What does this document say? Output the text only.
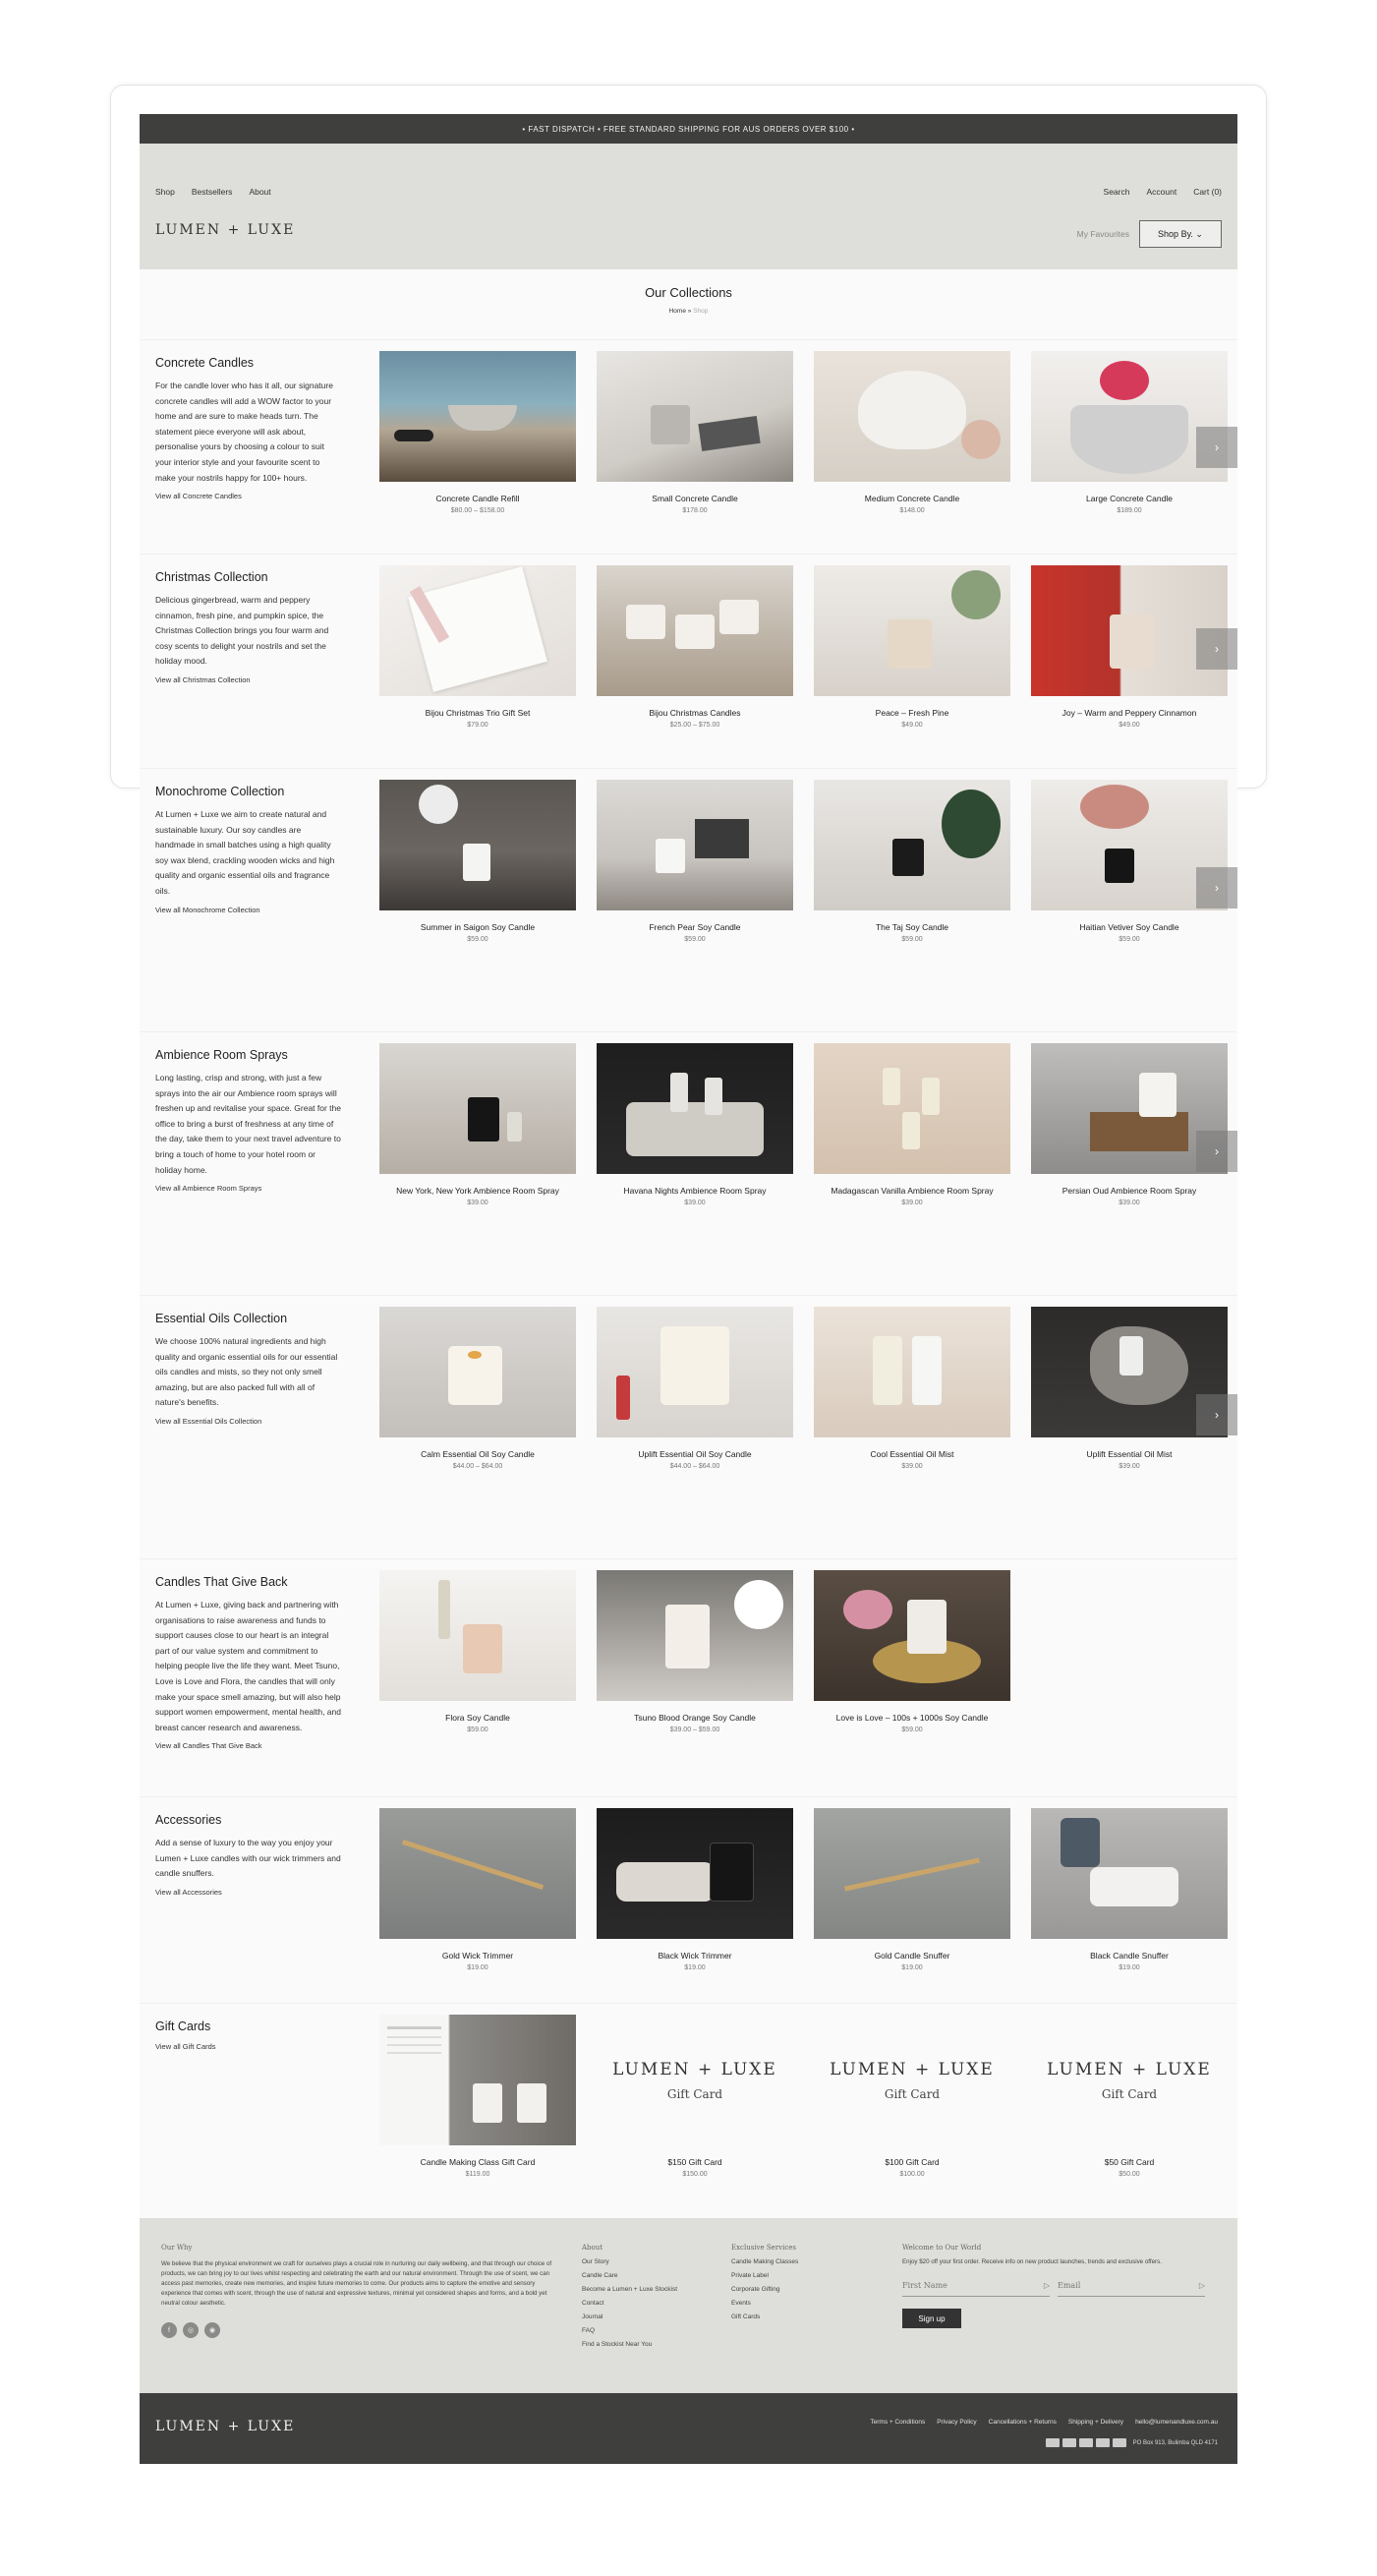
• FAST DISPATCH • FREE STANDARD SHIPPING FOR AUS ORDERS OVER $100 •
Shop Bestsellers About	Search Account Cart (0)
LUMEN + LUXE	My Favourites	Shop By. ⌄
Our Collections
Home » Shop
Concrete Candles
For the candle lover who has it all, our signature concrete candles will add a WOW factor to your home and are sure to make heads turn. The statement piece everyone will ask about, personalise yours by choosing a colour to suit your interior style and your favourite scent to make your nostrils happy for 100+ hours.
View all Concrete Candles	Concrete Candle Refill
$80.00 – $158.00
Small Concrete Candle
$178.00
Medium Concrete Candle
$148.00
Large Concrete Candle
$189.00
›
Christmas Collection
Delicious gingerbread, warm and peppery cinnamon, fresh pine, and pumpkin spice, the Christmas Collection brings you four warm and cosy scents to delight your nostrils and set the holiday mood.
View all Christmas Collection
Bijou Christmas Trio Gift Set
$79.00
Bijou Christmas Candles
$25.00 – $75.00
Peace – Fresh Pine
$49.00
Joy – Warm and Peppery Cinnamon
$49.00
›
Monochrome Collection
At Lumen + Luxe we aim to create natural and sustainable luxury. Our soy candles are handmade in small batches using a high quality soy wax blend, crackling wooden wicks and high quality and organic essential oils and fragrance oils.
View all Monochrome Collection
Summer in Saigon Soy Candle
$59.00
French Pear Soy Candle
$59.00
The Taj Soy Candle
$59.00
Haitian Vetiver Soy Candle
$59.00
›
Ambience Room Sprays
Long lasting, crisp and strong, with just a few sprays into the air our Ambience room sprays will freshen up and revitalise your space. Great for the office to bring a burst of freshness at any time of the day, take them to your next travel adventure to bring a touch of home to your hotel room or holiday home.
View all Ambience Room Sprays	New York, New York Ambience Room Spray
$39.00
Havana Nights Ambience Room Spray
$39.00
Madagascan Vanilla Ambience Room Spray
$39.00
Persian Oud Ambience Room Spray
$39.00
›
Essential Oils Collection
We choose 100% natural ingredients and high quality and organic essential oils for our essential oils candles and mists, so they not only smell amazing, but are also packed full with all of nature's benefits.
View all Essential Oils Collection
Calm Essential Oil Soy Candle
$44.00 – $64.00
Uplift Essential Oil Soy Candle
$44.00 – $64.00
Cool Essential Oil Mist
$39.00
Uplift Essential Oil Mist
$39.00
›
Candles That Give Back
At Lumen + Luxe, giving back and partnering with organisations to raise awareness and funds to support causes close to our heart is an integral part of our value system and commitment to helping people live the life they want. Meet Tsuno, Love is Love and Flora, the candles that will only make your space smell amazing, but will also help support women empowerment, mental health, and breast cancer research and awareness.
View all Candles That Give Back
Flora Soy Candle
$59.00
Tsuno Blood Orange Soy Candle
$39.00 – $59.00
Love is Love – 100s + 1000s Soy Candle
$59.00
Accessories
Add a sense of luxury to the way you enjoy your Lumen + Luxe candles with our wick trimmers and candle snuffers.
View all Accessories
Gold Wick Trimmer
$19.00
Black Wick Trimmer
$19.00
Gold Candle Snuffer
$19.00
Black Candle Snuffer
$19.00
Gift Cards
View all Gift Cards
Candle Making Class Gift Card
$119.00
LUMEN + LUXE
Gift Card
$150 Gift Card
$150.00
LUMEN + LUXE
Gift Card
$100 Gift Card
$100.00
LUMEN + LUXE
Gift Card
$50 Gift Card
$50.00
Our Why
We believe that the physical environment we craft for ourselves plays a crucial role in nurturing our daily wellbeing, and that through our choice of products, we can bring joy to our lives whilst respecting and celebrating the earth and our natural environment. Through the use of scent, we can access past memories, create new memories, and inspire future memories to come. Our products aims to capture the emotive and sensory experience that comes with scent, through the use of natural and expressive textures, minimal yet considered shapes and forms, and a bold yet neutral colour aesthetic.
f	◎	◉
About
Our Story
Candle Care
Become a Lumen + Luxe Stockist
Contact
Journal
FAQ
Find a Stockist Near You
Exclusive Services
Candle Making Classes
Private Label
Corporate Gifting
Events
Gift Cards
Welcome to Our World
Enjoy $20 off your first order. Receive info on new product launches, trends and exclusive offers.
First Name	▷ Email	▷
Sign up
LUMEN + LUXE	Terms + Conditions Privacy Policy Cancellations + Returns Shipping + Delivery hello@lumenandluxe.com.au
PO Box 913, Bulimba QLD 4171
